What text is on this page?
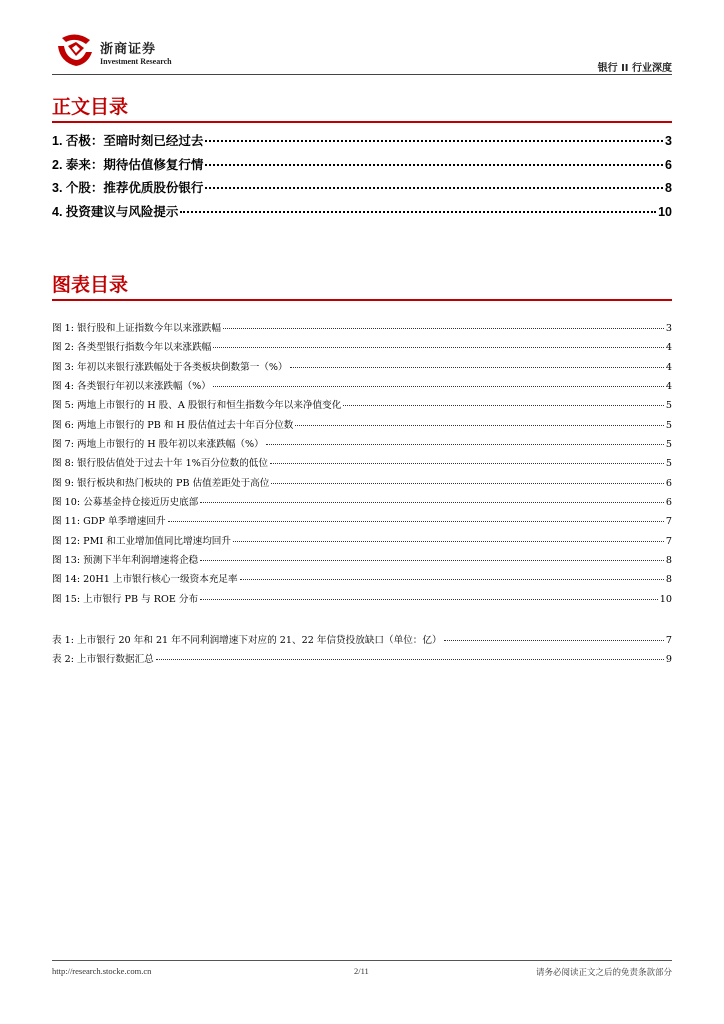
浙商证券
Investment Research
银行 II 行业深度
正文目录
1. 否极：至暗时刻已经过去	3
2. 泰来：期待估值修复行情	6
3. 个股：推荐优质股份银行	8
4. 投资建议与风险提示	10
图表目录
图 1: 银行股和上证指数今年以来涨跌幅	3
图 2: 各类型银行指数今年以来涨跌幅	4
图 3: 年初以来银行涨跌幅处于各类板块倒数第一（%）	4
图 4: 各类银行年初以来涨跌幅（%）	4
图 5: 两地上市银行的 H 股、A 股银行和恒生指数今年以来净值变化	5
图 6: 两地上市银行的 PB 和 H 股估值过去十年百分位数	5
图 7: 两地上市银行的 H 股年初以来涨跌幅（%）	5
图 8: 银行股估值处于过去十年 1%百分位数的低位	5
图 9: 银行板块和热门板块的 PB 估值差距处于高位	6
图 10: 公募基金持仓接近历史底部	6
图 11: GDP 单季增速回升	7
图 12: PMI 和工业增加值同比增速均回升	7
图 13: 预测下半年利润增速将企稳	8
图 14: 20H1 上市银行核心一级资本充足率	8
图 15: 上市银行 PB 与 ROE 分布	10
表 1: 上市银行 20 年和 21 年不同利润增速下对应的 21、22 年信贷投放缺口（单位：亿）	7
表 2: 上市银行数据汇总	9
http://research.stocke.com.cn	2/11	请务必阅读正文之后的免责条款部分
